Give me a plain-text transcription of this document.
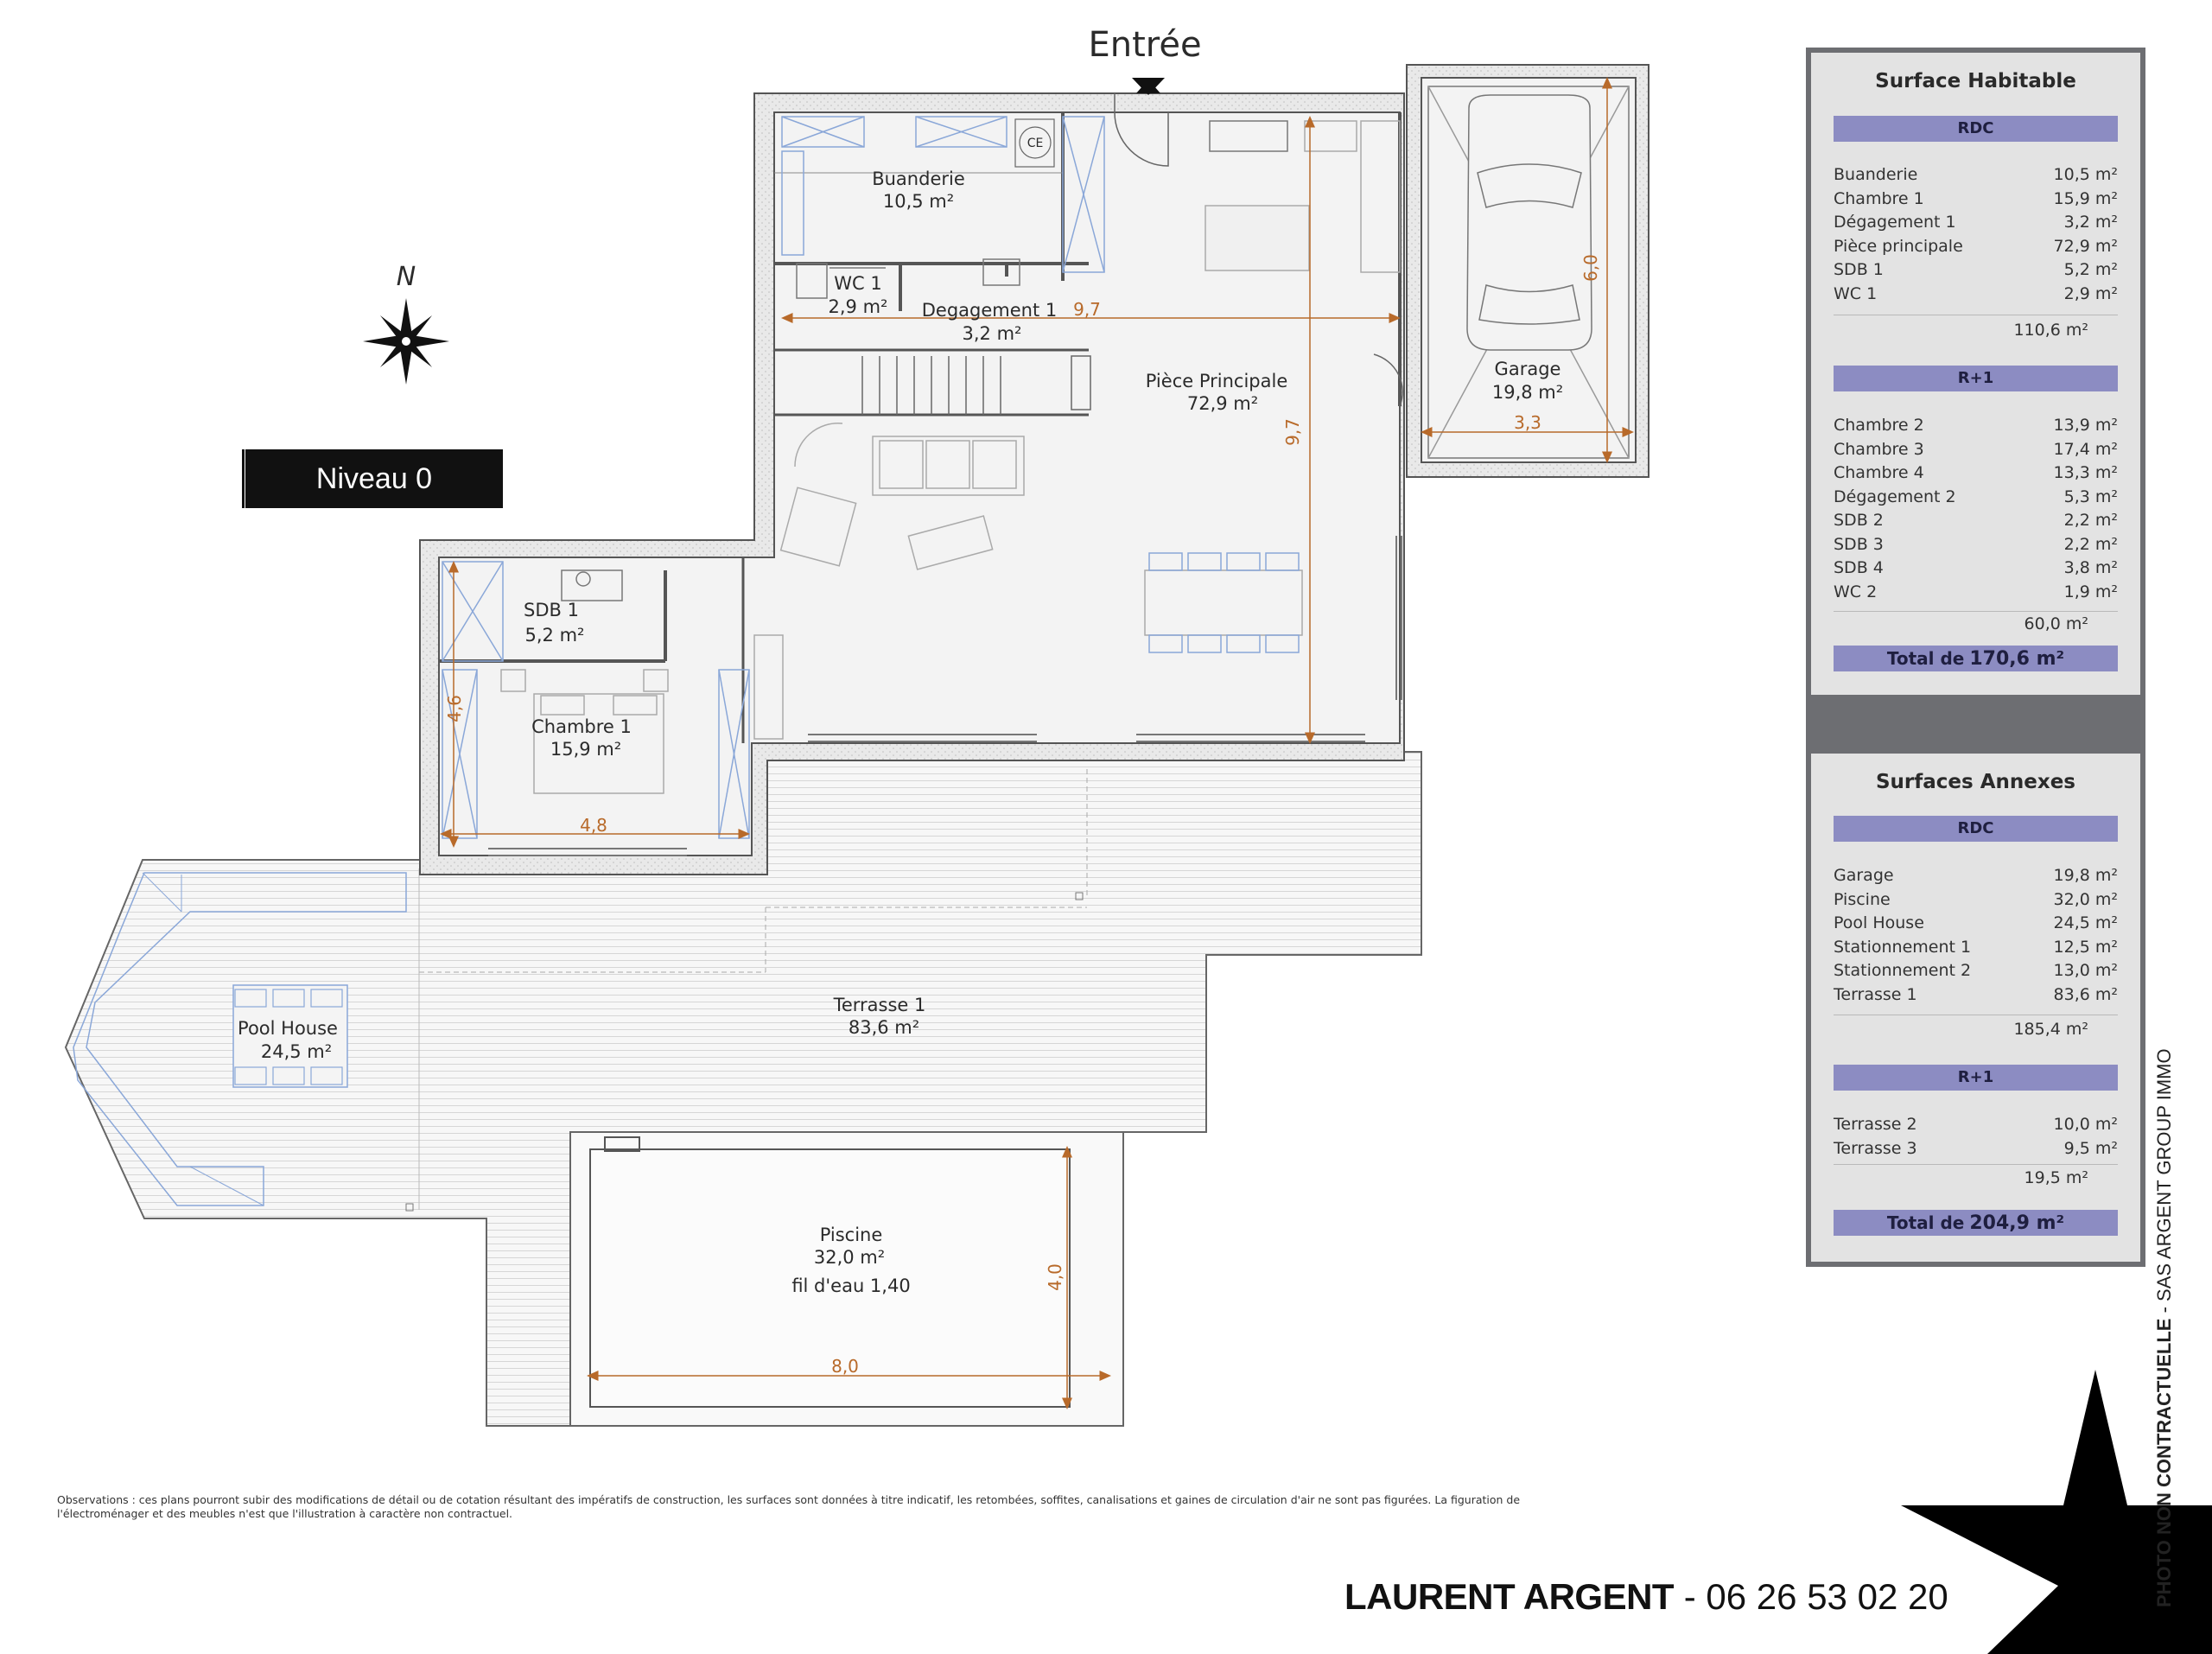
N
Entrée
CE
9,7
9,7
6,0
3,3
4,6
4,8
8,0
4,0
Buanderie
10,5 m²
WC 1
2,9 m² Degagement 1
3,2 m²
Pièce Principale
72,9 m²
Garage
19,8 m²
SDB 1
5,2 m²
Chambre 1
15,9 m²
Pool House
24,5 m²
Terrasse 1
83,6 m²
Piscine
32,0 m²
fil d'eau 1,40
Niveau 0
Surface Habitable
RDC
Buanderie	10,5 m²
Chambre 1	15,9 m²
Dégagement 1	3,2 m²
Pièce principale	72,9 m²
SDB 1	5,2 m²
WC 1	2,9 m²
110,6 m²
R+1
Chambre 2	13,9 m²
Chambre 3	17,4 m²
Chambre 4	13,3 m²
Dégagement 2	5,3 m²
SDB 2	2,2 m²
SDB 3	2,2 m²
SDB 4	3,8 m²
WC 2	1,9 m²
60,0 m²
Total de 170,6 m²
Surfaces Annexes
RDC
Garage	19,8 m²
Piscine	32,0 m²
Pool House	24,5 m²
Stationnement 1	12,5 m²
Stationnement 2	13,0 m²
Terrasse 1	83,6 m²
185,4 m²
R+1
Terrasse 2	10,0 m²
Terrasse 3	9,5 m²
19,5 m²
Total de 204,9 m²
Observations : ces plans pourront subir des modifications de détail ou de cotation résultant des impératifs de construction, les surfaces sont données à titre indicatif, les retombées, soffites, canalisations et gaines de circulation d'air ne sont pas figurées. La figuration de l'électroménager et des meubles n'est que l'illustration à caractère non contractuel.
LAURENT ARGENT - 06 26 53 02 20	PHOTO NON CONTRACTUELLE - SAS ARGENT GROUP IMMO
